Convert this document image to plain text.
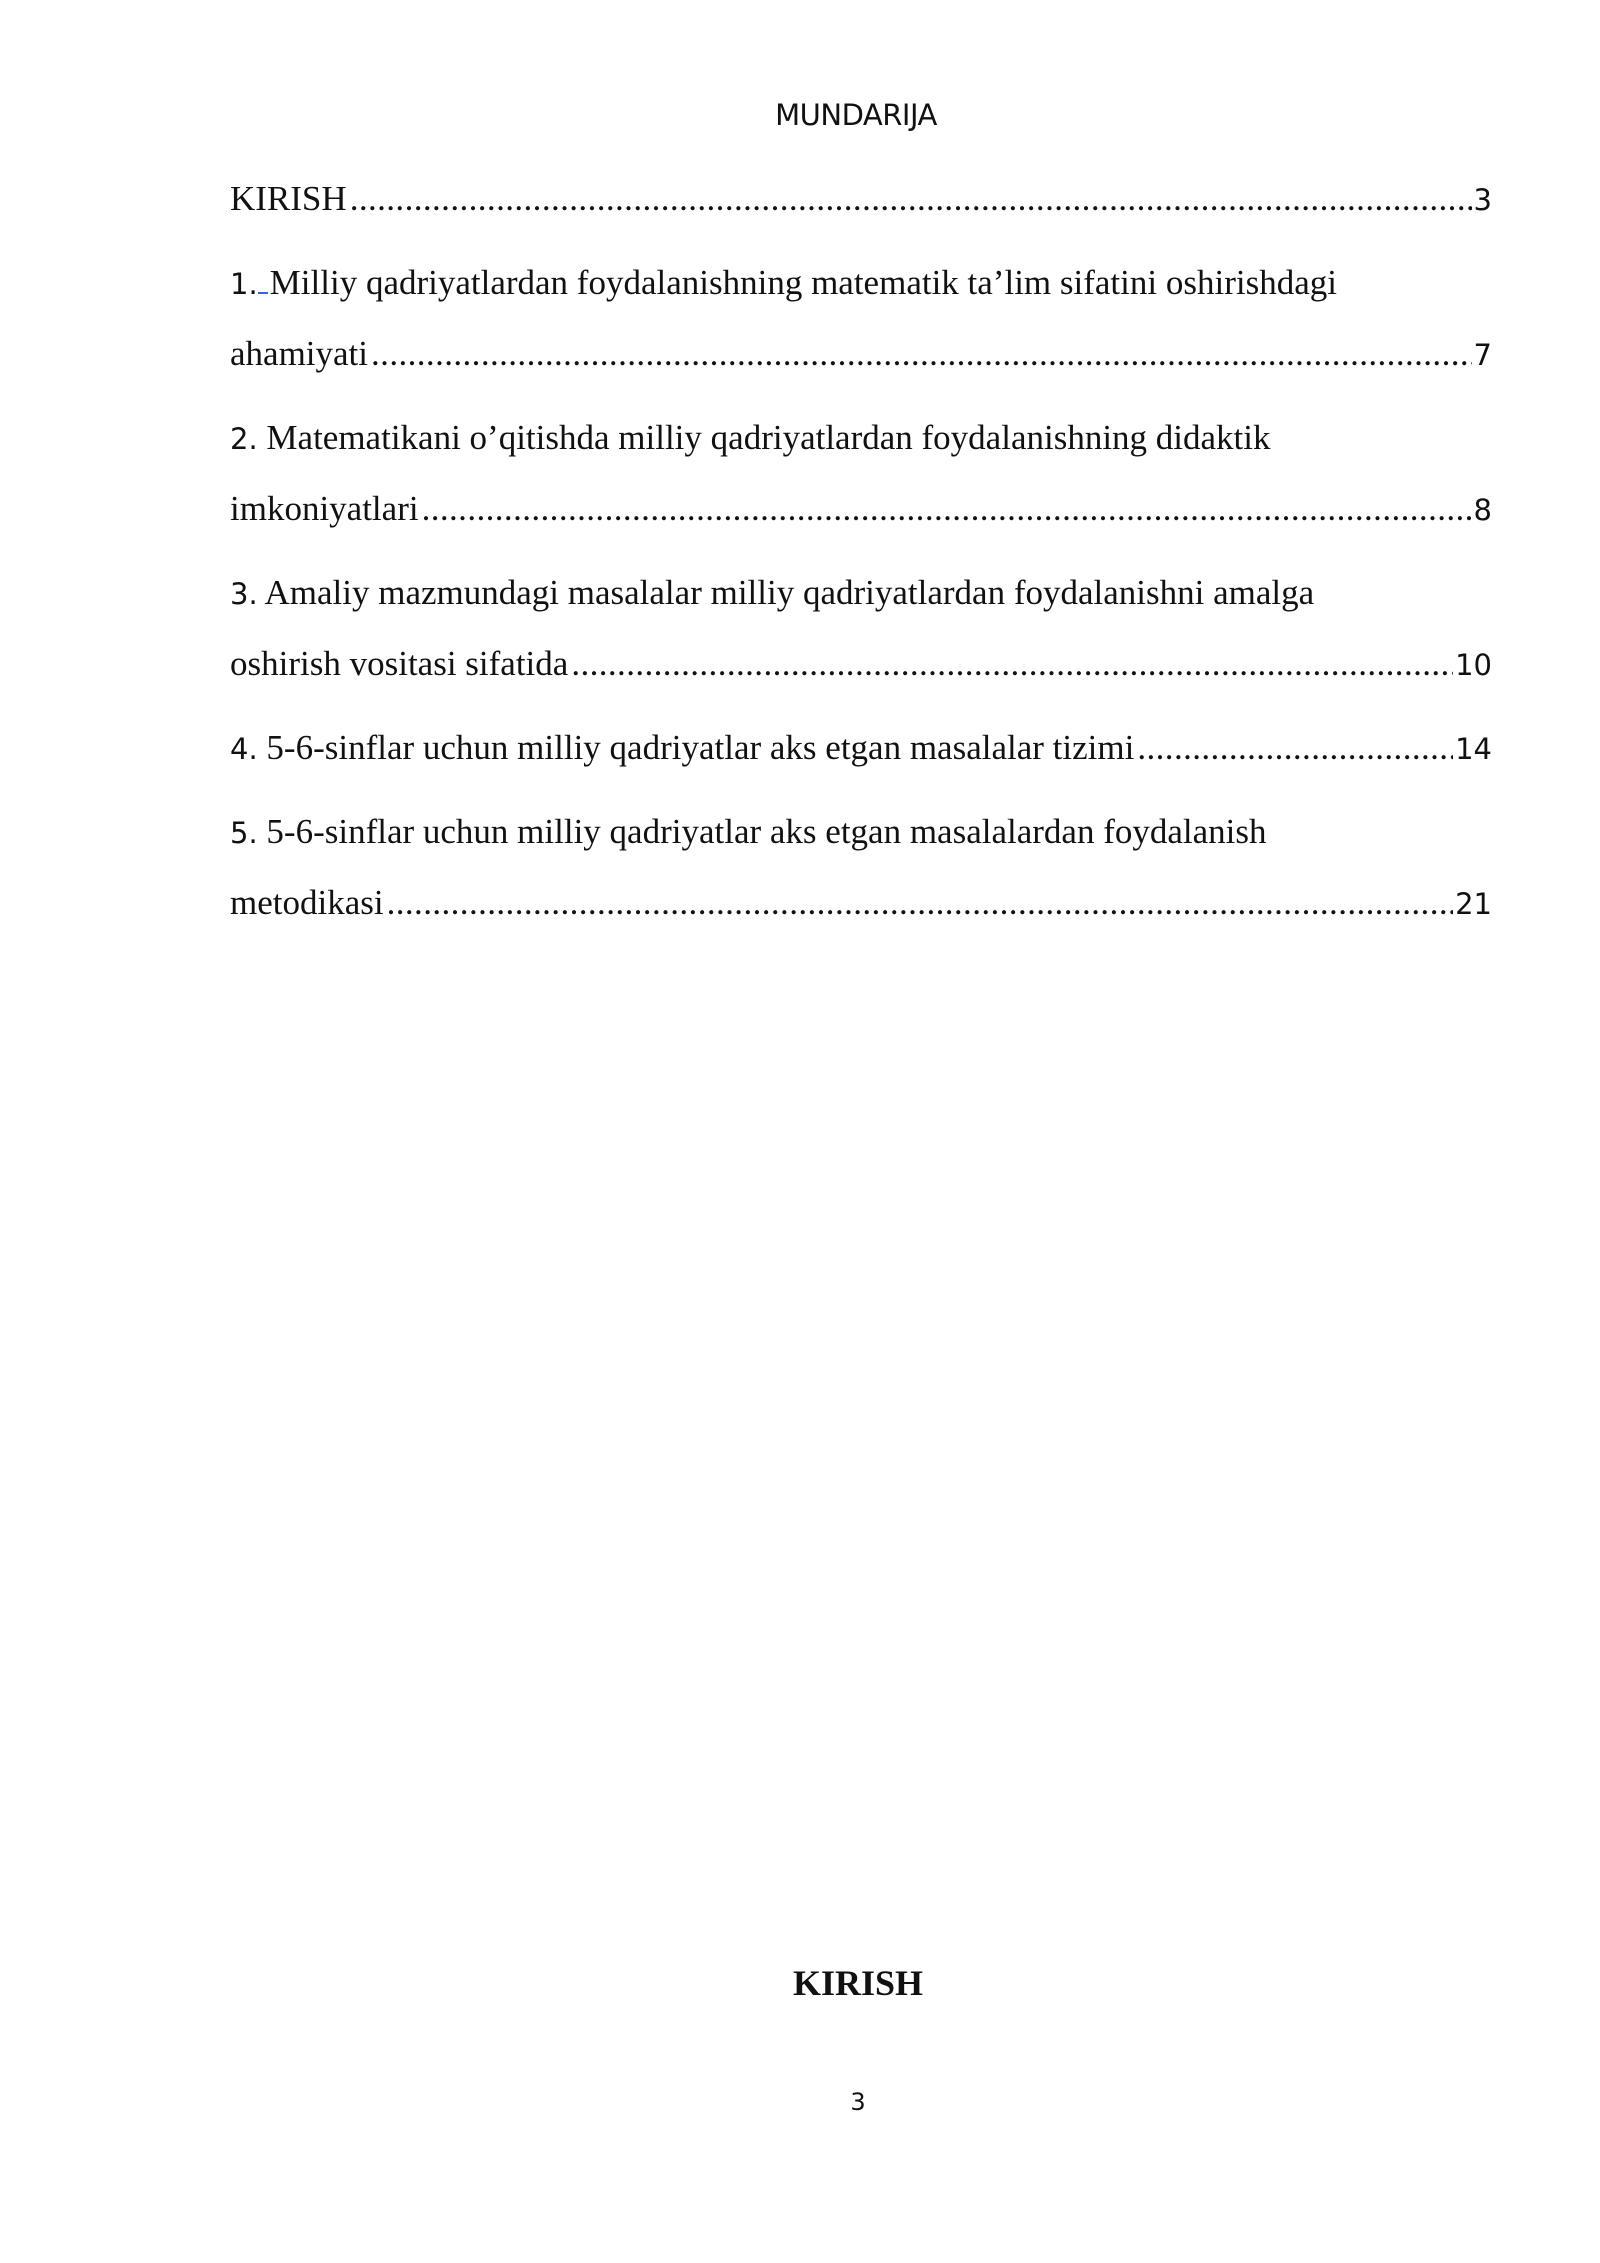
MUNDARIJA
KIRISH .....	3
1. Milliy qadriyatlardan foydalanishning matematik ta’lim sifatini oshirishdagi
ahamiyati .....	7
2. Matematikani o’qitishda milliy qadriyatlardan foydalanishning didaktik
imkoniyatlari .....	8
3. Amaliy mazmundagi masalalar milliy qadriyatlardan foydalanishni amalga
oshirish vositasi sifatida .....	10
4. 5-6-sinflar uchun milliy qadriyatlar aks etgan masalalar tizimi .....	14
5. 5-6-sinflar uchun milliy qadriyatlar aks etgan masalalardan foydalanish
metodikasi .....	21
KIRISH
3
